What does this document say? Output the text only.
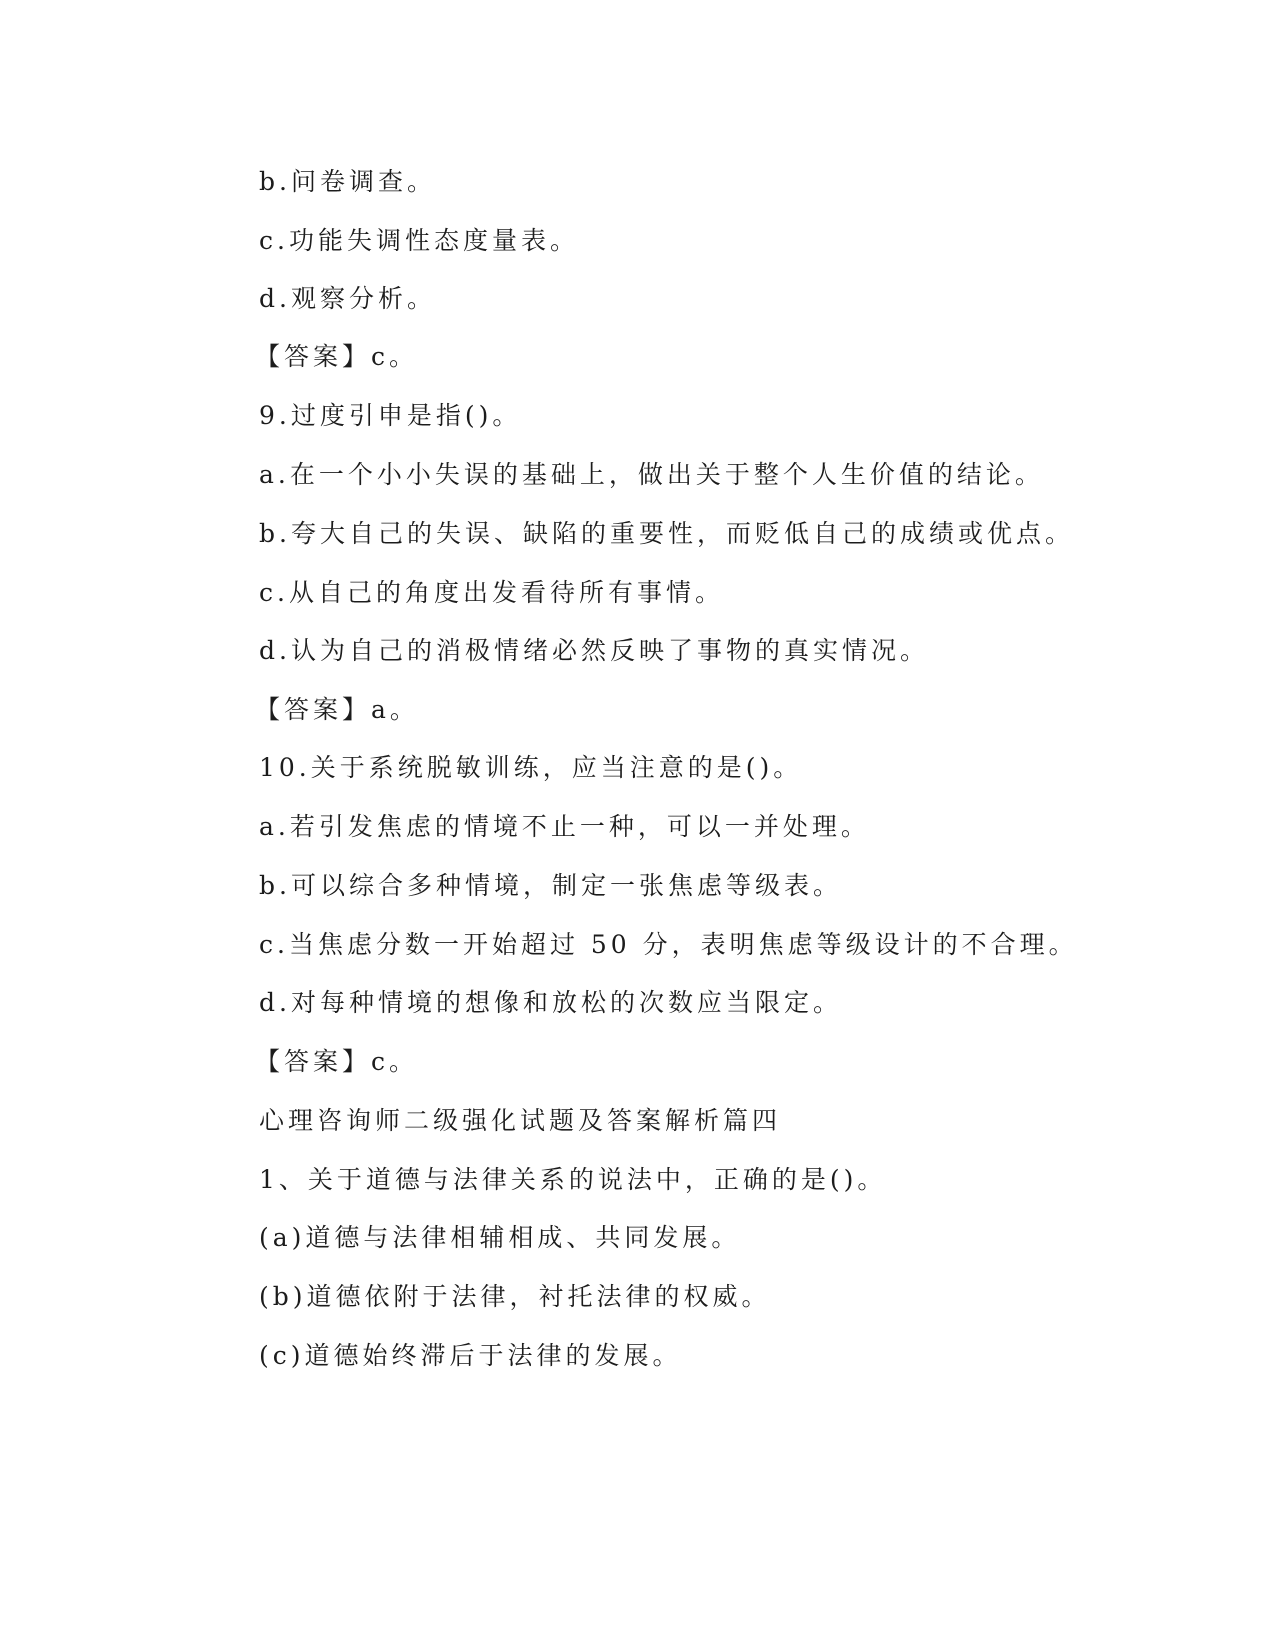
b.问卷调查。
c.功能失调性态度量表。
d.观察分析。
【答案】c。
9.过度引申是指()。
a.在一个小小失误的基础上，做出关于整个人生价值的结论。
b.夸大自己的失误、缺陷的重要性，而贬低自己的成绩或优点。
c.从自己的角度出发看待所有事情。
d.认为自己的消极情绪必然反映了事物的真实情况。
【答案】a。
10.关于系统脱敏训练，应当注意的是()。
a.若引发焦虑的情境不止一种，可以一并处理。
b.可以综合多种情境，制定一张焦虑等级表。
c.当焦虑分数一开始超过 50 分，表明焦虑等级设计的不合理。
d.对每种情境的想像和放松的次数应当限定。
【答案】c。
心理咨询师二级强化试题及答案解析篇四
1、关于道德与法律关系的说法中，正确的是()。
(a)道德与法律相辅相成、共同发展。
(b)道德依附于法律，衬托法律的权威。
(c)道德始终滞后于法律的发展。
